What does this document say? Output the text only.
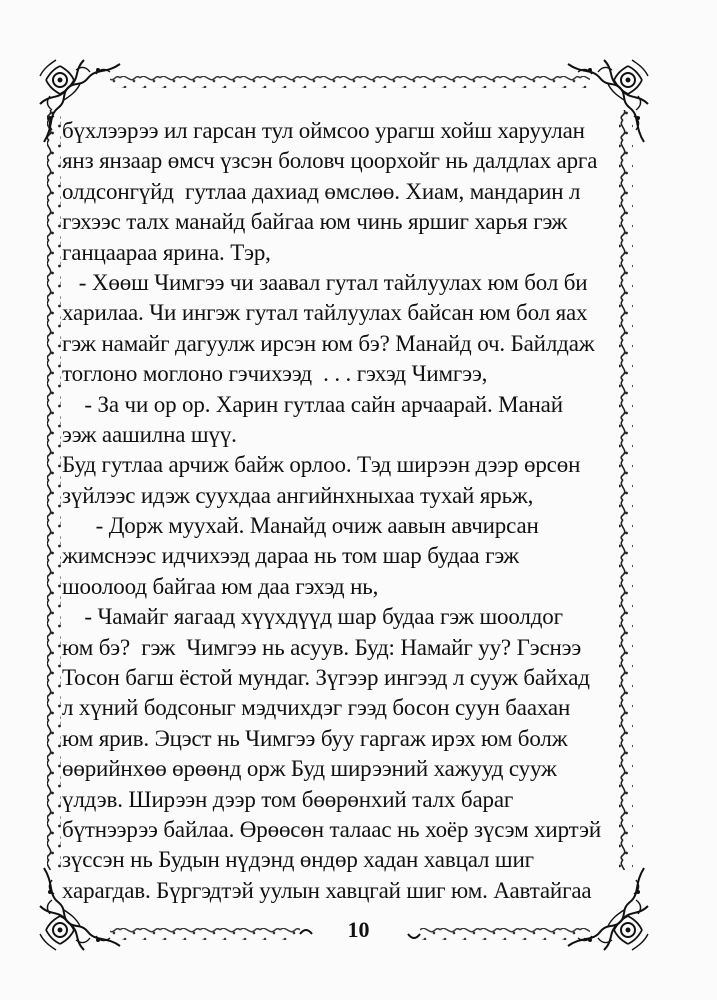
бүхлээрээ ил гарсан тул оймсоо урагш хойш харуулан
янз янзаар өмсч үзсэн боловч цоорхойг нь далдлах арга
олдсонгүйд  гутлаа дахиад өмслөө. Хиам, мандарин л
гэхээс талх манайд байгаа юм чинь яршиг харья гэж
ганцаараа ярина. Тэр,
- Хөөш Чимгээ чи заавал гутал тайлуулах юм бол би
харилаа. Чи ингэж гутал тайлуулах байсан юм бол яах
гэж намайг дагуулж ирсэн юм бэ? Манайд оч. Байлдаж
тоглоно моглоно гэчихээд  . . . гэхэд Чимгээ,
- За чи ор ор. Харин гутлаа сайн арчаарай. Манай
ээж аашилна шүү.
Буд гутлаа арчиж байж орлоо. Тэд ширээн дээр өрсөн
зүйлээс идэж суухдаа ангийнхныхаа тухай ярьж,
- Дорж муухай. Манайд очиж аавын авчирсан
жимснээс идчихээд дараа нь том шар будаа гэж
шоолоод байгаа юм даа гэхэд нь,
- Чамайг яагаад хүүхдүүд шар будаа гэж шоолдог
юм бэ?  гэж  Чимгээ нь асуув. Буд: Намайг уу? Гэснээ
Тосон багш ёстой мундаг. Зүгээр ингээд л сууж байхад
л хүний бодсоныг мэдчихдэг гээд босон суун баахан
юм ярив. Эцэст нь Чимгээ буу гаргаж ирэх юм болж
өөрийнхөө өрөөнд орж Буд ширээний хажууд сууж
үлдэв. Ширээн дээр том бөөрөнхий талх бараг
бүтнээрээ байлаа. Өрөөсөн талаас нь хоёр зүсэм хиртэй
зүссэн нь Будын нүдэнд өндөр хадан хавцал шиг
харагдав. Бүргэдтэй уулын хавцгай шиг юм. Аавтайгаа
10
